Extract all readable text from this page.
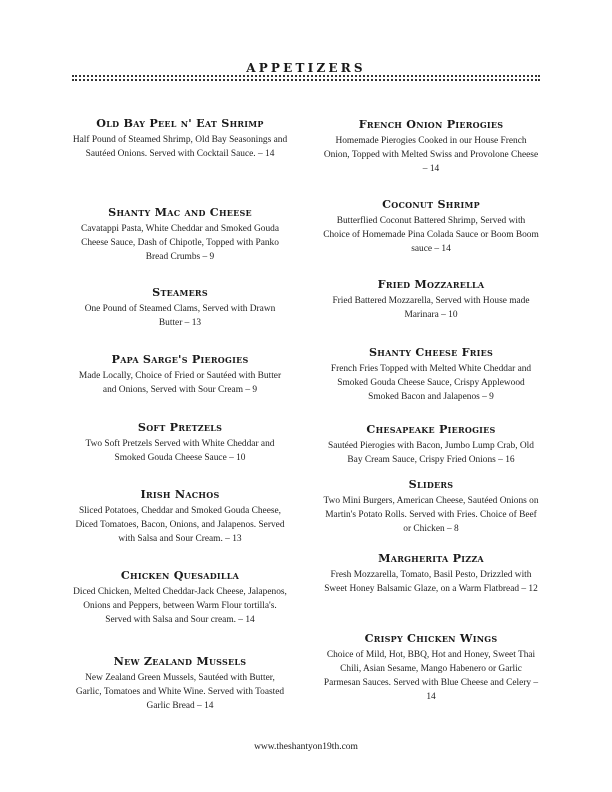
APPETIZERS
Old Bay Peel n' Eat Shrimp
Half Pound of Steamed Shrimp, Old Bay Seasonings and Sautéed Onions. Served with Cocktail Sauce. – 14
Shanty Mac and Cheese
Cavatappi Pasta, White Cheddar and Smoked Gouda Cheese Sauce, Dash of Chipotle, Topped with Panko Bread Crumbs – 9
Steamers
One Pound of Steamed Clams, Served with Drawn Butter – 13
Papa Sarge's Pierogies
Made Locally, Choice of Fried or Sautéed with Butter and Onions, Served with Sour Cream – 9
Soft Pretzels
Two Soft Pretzels Served with White Cheddar and Smoked Gouda Cheese Sauce – 10
Irish Nachos
Sliced Potatoes, Cheddar and Smoked Gouda Cheese, Diced Tomatoes, Bacon, Onions, and Jalapenos. Served with Salsa and Sour Cream. – 13
Chicken Quesadilla
Diced Chicken, Melted Cheddar-Jack Cheese, Jalapenos, Onions and Peppers, between Warm Flour tortilla's. Served with Salsa and Sour cream. – 14
New Zealand Mussels
New Zealand Green Mussels, Sautéed with Butter, Garlic, Tomatoes and White Wine. Served with Toasted Garlic Bread – 14
French Onion Pierogies
Homemade Pierogies Cooked in our House French Onion, Topped with Melted Swiss and Provolone Cheese – 14
Coconut Shrimp
Butterflied Coconut Battered Shrimp, Served with Choice of Homemade Pina Colada Sauce or Boom Boom sauce – 14
Fried Mozzarella
Fried Battered Mozzarella, Served with House made Marinara – 10
Shanty Cheese Fries
French Fries Topped with Melted White Cheddar and Smoked Gouda Cheese Sauce, Crispy Applewood Smoked Bacon and Jalapenos – 9
Chesapeake Pierogies
Sautéed Pierogies with Bacon, Jumbo Lump Crab, Old Bay Cream Sauce, Crispy Fried Onions – 16
Sliders
Two Mini Burgers, American Cheese, Sautéed Onions on Martin's Potato Rolls. Served with Fries. Choice of Beef or Chicken – 8
Margherita Pizza
Fresh Mozzarella, Tomato, Basil Pesto, Drizzled with Sweet Honey Balsamic Glaze, on a Warm Flatbread – 12
Crispy Chicken Wings
Choice of Mild, Hot, BBQ, Hot and Honey, Sweet Thai Chili, Asian Sesame, Mango Habenero or Garlic Parmesan Sauces. Served with Blue Cheese and Celery – 14
www.theshantyon19th.com
